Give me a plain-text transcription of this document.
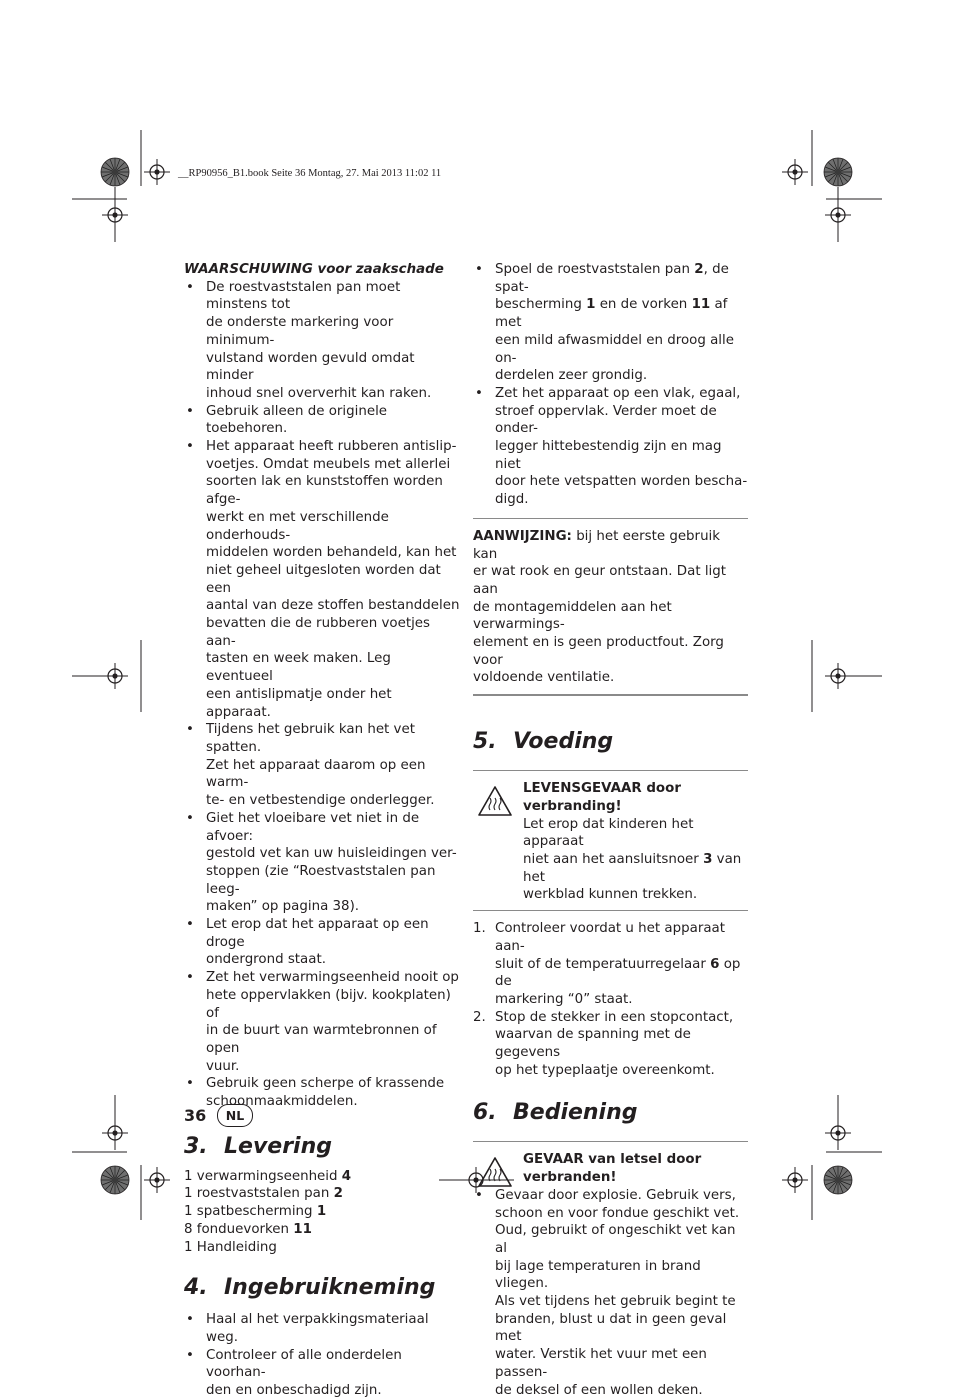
__RP90956_B1.book Seite 36 Montag, 27. Mai 2013 11:02 11

WAARSCHUWING voor zaakschade

• De roestvaststalen pan moet minstens tot
de onderste markering voor minimum-
vulstand worden gevuld omdat minder
inhoud snel oververhit kan raken.
• Gebruik alleen de originele toebehoren.
• Het apparaat heeft rubberen antislip-
voetjes. Omdat meubels met allerlei
soorten lak en kunststoffen worden afge-
werkt en met verschillende onderhouds-
middelen worden behandeld, kan het
niet geheel uitgesloten worden dat een
aantal van deze stoffen bestanddelen
bevatten die de rubberen voetjes aan-
tasten en week maken. Leg eventueel
een antislipmatje onder het apparaat.
• Tijdens het gebruik kan het vet spatten.
Zet het apparaat daarom op een warm-
te- en vetbestendige onderlegger.
• Giet het vloeibare vet niet in de afvoer:
gestold vet kan uw huisleidingen ver-
stoppen (zie “Roestvaststalen pan leeg-
maken” op pagina 38).
• Let erop dat het apparaat op een droge
ondergrond staat.
• Zet het verwarmingseenheid nooit op
hete oppervlakken (bijv. kookplaten) of
in de buurt van warmtebronnen of open
vuur.
• Gebruik geen scherpe of krassende
schoonmaakmiddelen.
3. Levering
1 verwarmingseenheid 4
1 roestvaststalen pan 2
1 spatbescherming 1
8 fonduevorken 11
1 Handleiding
4. Ingebruikneming
• Haal al het verpakkingsmateriaal weg.
• Controleer of alle onderdelen voorhan-
den en onbeschadigd zijn.
• Spoel de roestvaststalen pan 2, de spat-
bescherming 1 en de vorken 11 af met
een mild afwasmiddel en droog alle on-
derdelen zeer grondig.
• Zet het apparaat op een vlak, egaal,
stroef oppervlak. Verder moet de onder-
legger hittebestendig zijn en mag niet
door hete vetspatten worden bescha-
digd.
AANWIJZING: bij het eerste gebruik kan
er wat rook en geur ontstaan. Dat ligt aan
de montagemiddelen aan het verwarmings-
element en is geen productfout. Zorg voor
voldoende ventilatie.
5. Voeding
LEVENSGEVAAR door
verbranding!
Let erop dat kinderen het apparaat
niet aan het aansluitsnoer 3 van het
werkblad kunnen trekken.
1. Controleer voordat u het apparaat aan-
sluit of de temperatuurregelaar 6 op de
markering “0” staat.
2. Stop de stekker in een stopcontact,
waarvan de spanning met de gegevens
op het typeplaatje overeenkomt.
6. Bediening
GEVAAR van letsel door
verbranden!
• Gevaar door explosie. Gebruik vers,
schoon en voor fondue geschikt vet.
Oud, gebruikt of ongeschikt vet kan al
bij lage temperaturen in brand vliegen.
Als vet tijdens het gebruik begint te
branden, blust u dat in geen geval met
water. Verstik het vuur met een passen-
de deksel of een wollen deken.
36	NL
